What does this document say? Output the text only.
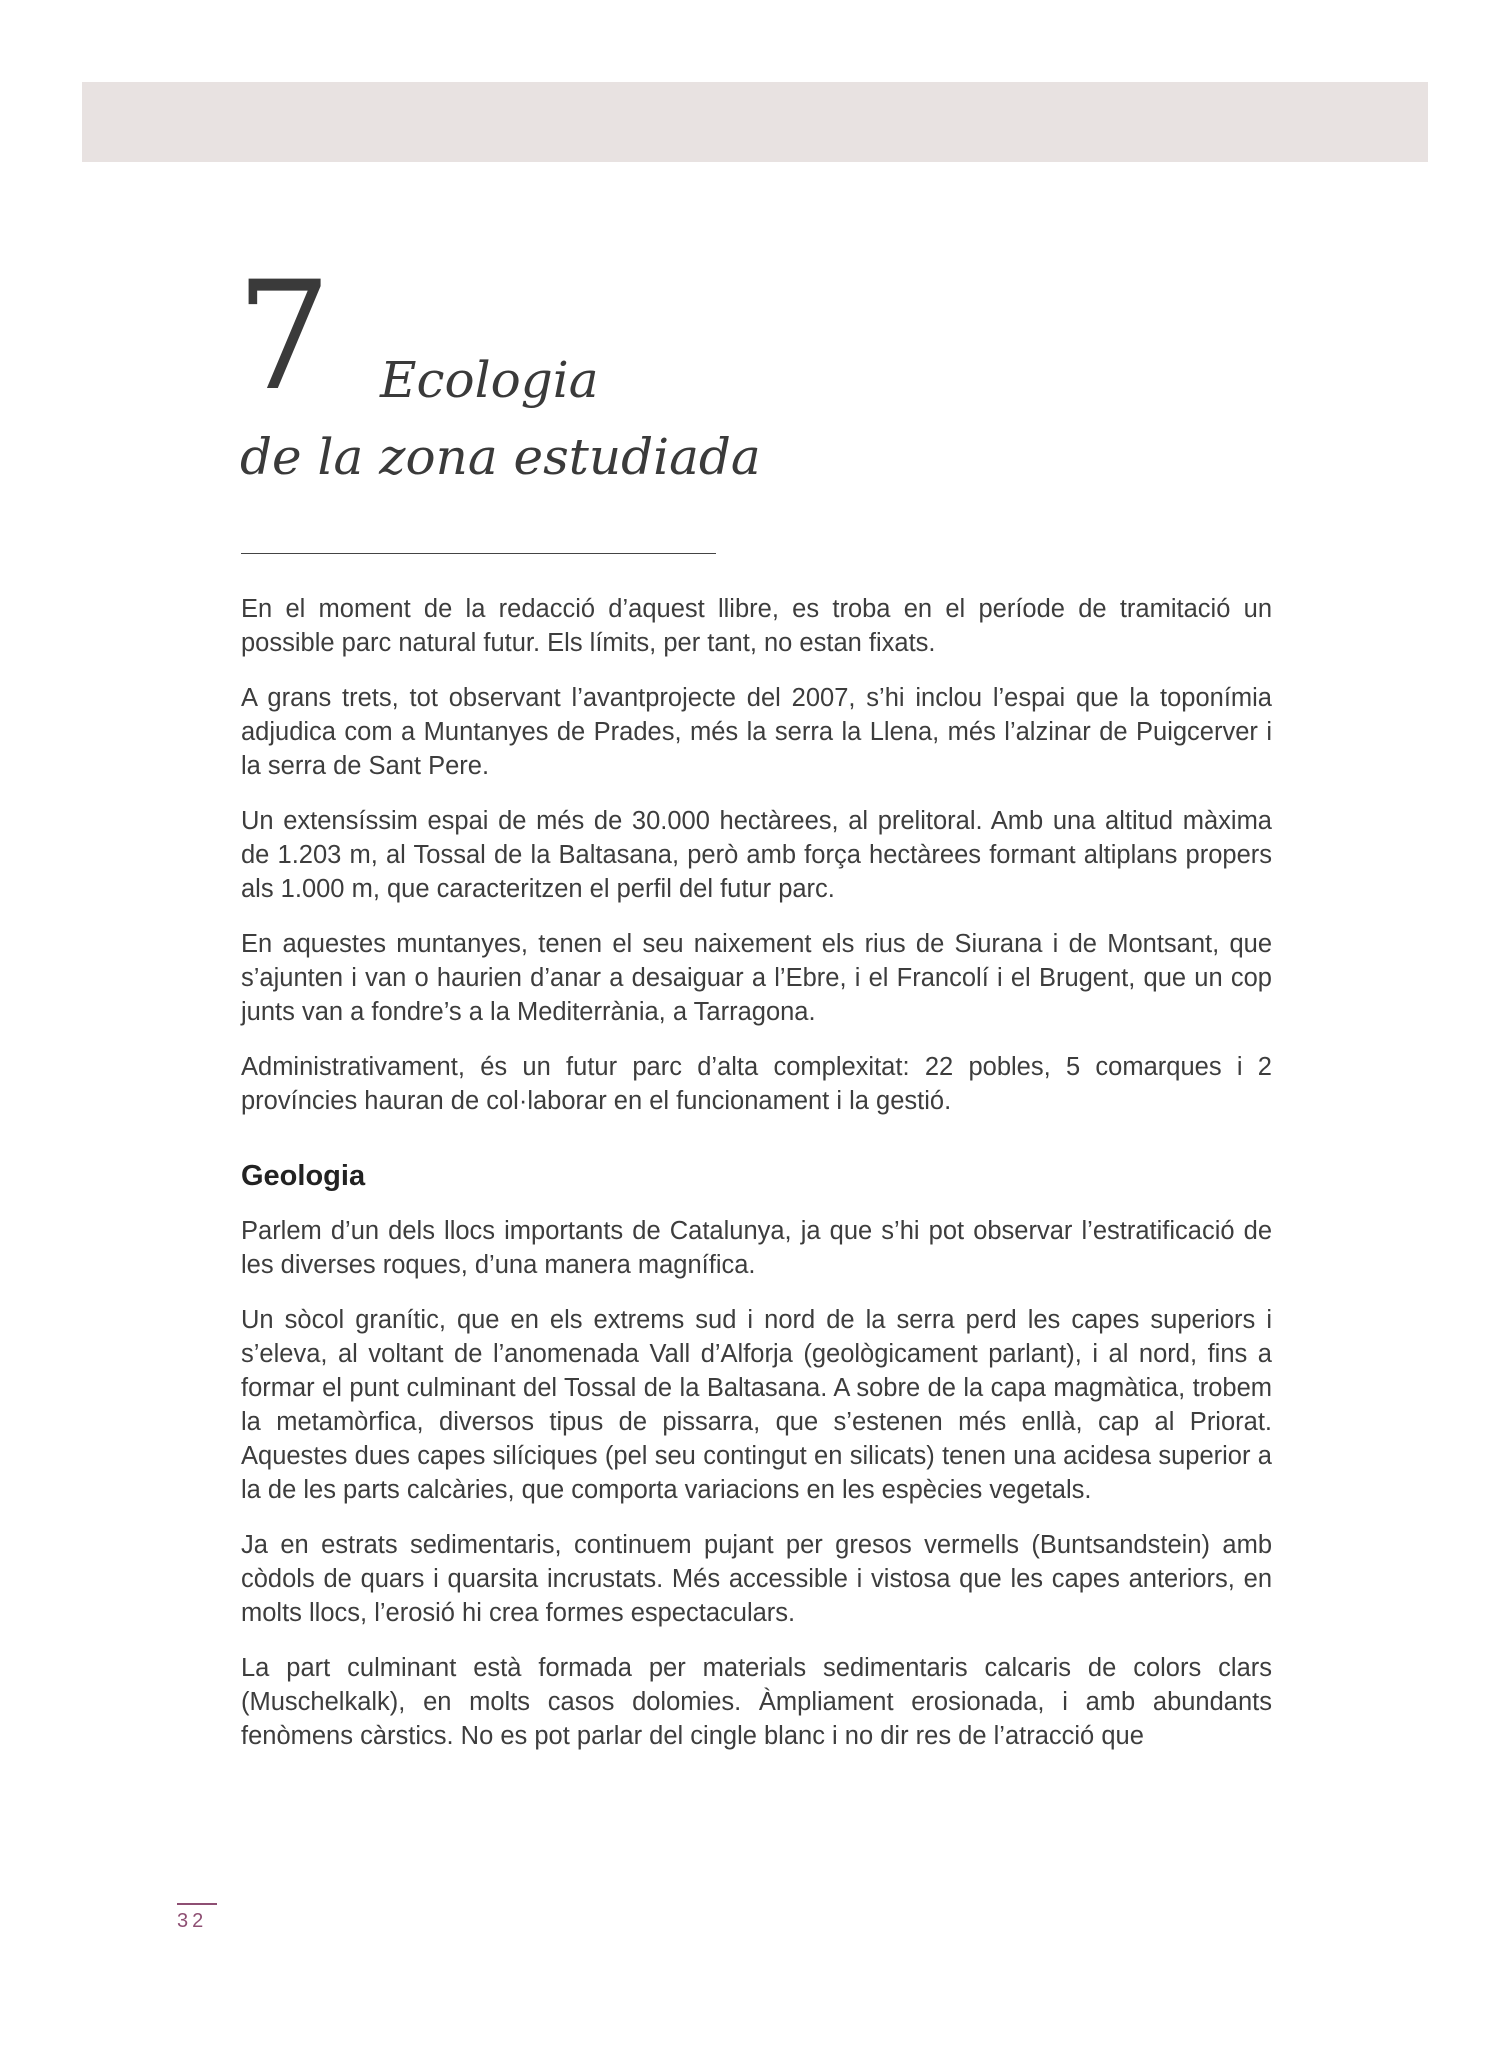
7 Ecologia
de la zona estudiada

En el moment de la redacció d’aquest llibre, es troba en el període de tramitació un possible parc natural futur. Els límits, per tant, no estan fixats.

A grans trets, tot observant l’avantprojecte del 2007, s’hi inclou l’espai que la toponímia adjudica com a Muntanyes de Prades, més la serra la Llena, més l’alzinar de Puigcerver i la serra de Sant Pere.

Un extensíssim espai de més de 30.000 hectàrees, al prelitoral. Amb una altitud màxima de 1.203 m, al Tossal de la Baltasana, però amb força hectàrees formant altiplans propers als 1.000 m, que caracteritzen el perfil del futur parc.

En aquestes muntanyes, tenen el seu naixement els rius de Siurana i de Montsant, que s’ajunten i van o haurien d’anar a desaiguar a l’Ebre, i el Francolí i el Brugent, que un cop junts van a fondre’s a la Mediterrània, a Tarragona.

Administrativament, és un futur parc d’alta complexitat: 22 pobles, 5 comarques i 2 províncies hauran de col·laborar en el funcionament i la gestió.

Geologia

Parlem d’un dels llocs importants de Catalunya, ja que s’hi pot observar l’estratificació de les diverses roques, d’una manera magnífica.

Un sòcol granític, que en els extrems sud i nord de la serra perd les capes superiors i s’eleva, al voltant de l’anomenada Vall d’Alforja (geològicament parlant), i al nord, fins a formar el punt culminant del Tossal de la Baltasana. A sobre de la capa magmàtica, trobem la metamòrfica, diversos tipus de pissarra, que s’estenen més enllà, cap al Priorat. Aquestes dues capes silíciques (pel seu contingut en silicats) tenen una acidesa superior a la de les parts calcàries, que comporta variacions en les espècies vegetals.

Ja en estrats sedimentaris, continuem pujant per gresos vermells (Buntsandstein) amb còdols de quars i quarsita incrustats. Més accessible i vistosa que les capes anteriors, en molts llocs, l’erosió hi crea formes espectaculars.

La part culminant està formada per materials sedimentaris calcaris de colors clars (Muschelkalk), en molts casos dolomies. Àmpliament erosionada, i amb abundants fenòmens càrstics. No es pot parlar del cingle blanc i no dir res de l’atracció que

32
